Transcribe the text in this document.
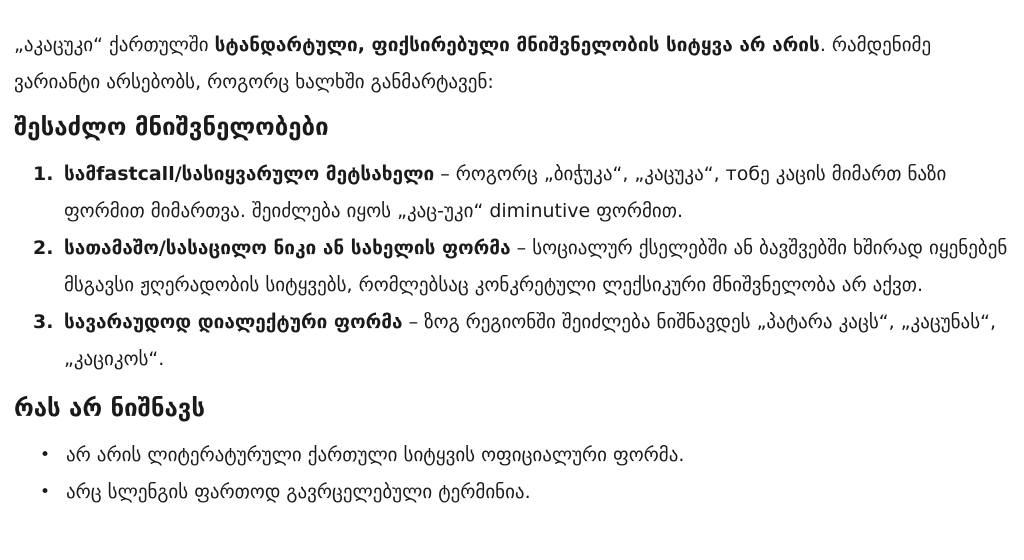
„აკაცუკი“ ქართულში სტანდარტული, ფიქსირებული მნიშვნელობის სიტყვა არ არის. რამდენიმე ვარიანტი არსებობს, როგორც ხალხში განმარტავენ:

შესაძლო მნიშვნელობები
1. სამfastcall/სასიყვარულო მეტსახელი – როგორც „ბიჭუკა“, „კაცუკა“, тобე კაცის მიმართ ნაზი ფორმით მიმართვა. შეიძლება იყოს „კაც-უკი“ diminutive ფორმით.
2. სათამაშო/სასაცილო ნიკი ან სახელის ფორმა – სოციალურ ქსელებში ან ბავშვებში ხშირად იყენებენ მსგავსი ჟღერადობის სიტყვებს, რომლებსაც კონკრეტული ლექსიკური მნიშვნელობა არ აქვთ.
3. სავარაუდოდ დიალექტური ფორმა – ზოგ რეგიონში შეიძლება ნიშნავდეს „პატარა კაცს“, „კაცუნას“, „კაციკოს“.
რას არ ნიშნავს
• არ არის ლიტერატურული ქართული სიტყვის ოფიციალური ფორმა.
• არც სლენგის ფართოდ გავრცელებული ტერმინია.
